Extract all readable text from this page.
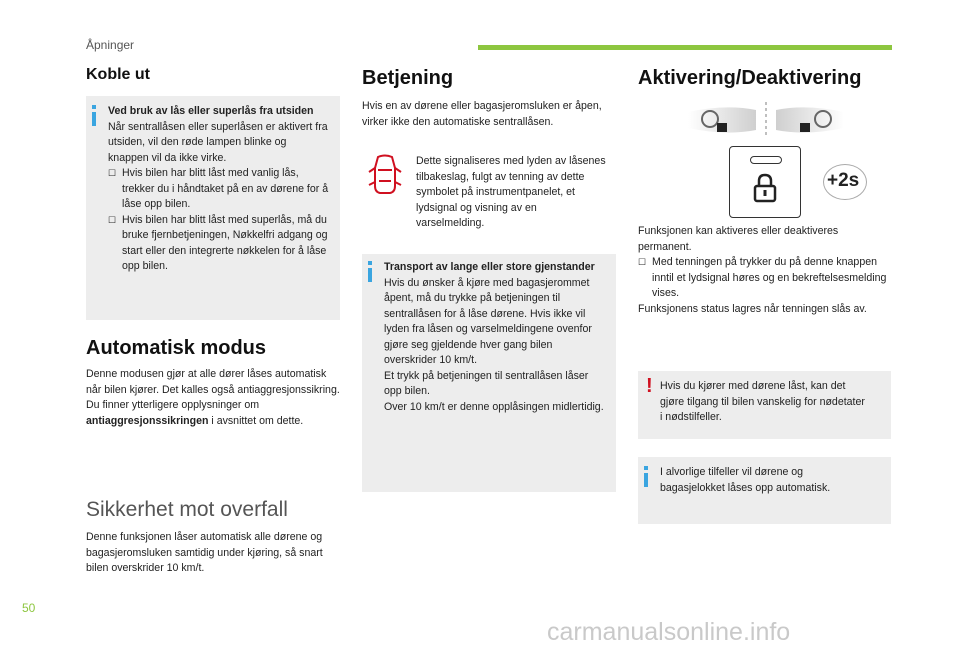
Åpninger
Koble ut
Ved bruk av lås eller superlås fra utsiden
Når sentrallåsen eller superlåsen er aktivert fra utsiden, vil den røde lampen blinke og knappen vil da ikke virke.
☐ Hvis bilen har blitt låst med vanlig lås, trekker du i håndtaket på en av dørene for å låse opp bilen.
☐ Hvis bilen har blitt låst med superlås, må du bruke fjernbetjeningen, Nøkkelfri adgang og start eller den integrerte nøkkelen for å låse opp bilen.
Automatisk modus
Denne modusen gjør at alle dører låses automatisk når bilen kjører. Det kalles også antiaggresjonssikring.
Du finner ytterligere opplysninger om
antiaggresjonssikringen i avsnittet om dette.
Sikkerhet mot overfall
Denne funksjonen låser automatisk alle dørene og bagasjeromsluken samtidig under kjøring, så snart bilen overskrider 10 km/t.
Betjening
Hvis en av dørene eller bagasjeromsluken er åpen, virker ikke den automatiske sentrallåsen.
Dette signaliseres med lyden av låsenes tilbakeslag, fulgt av tenning av dette symbolet på instrumentpanelet, et lydsignal og visning av en varselmelding.
Transport av lange eller store gjenstander
Hvis du ønsker å kjøre med bagasjerommet åpent, må du trykke på betjeningen til sentrallåsen for å låse dørene. Hvis ikke vil lyden fra låsen og varselmeldingene ovenfor gjøre seg gjeldende hver gang bilen overskrider 10 km/t.
Et trykk på betjeningen til sentrallåsen låser opp bilen.
Over 10 km/t er denne opplåsingen midlertidig.
Aktivering/Deaktivering
+2s
Funksjonen kan aktiveres eller deaktiveres permanent.
☐ Med tenningen på trykker du på denne knappen inntil et lydsignal høres og en bekreftelsesmelding vises.
Funksjonens status lagres når tenningen slås av.
! Hvis du kjører med dørene låst, kan det gjøre tilgang til bilen vanskelig for nødetater i nødstilfeller.
I alvorlige tilfeller vil dørene og bagasjelokket låses opp automatisk.
50
carmanualsonline.info
